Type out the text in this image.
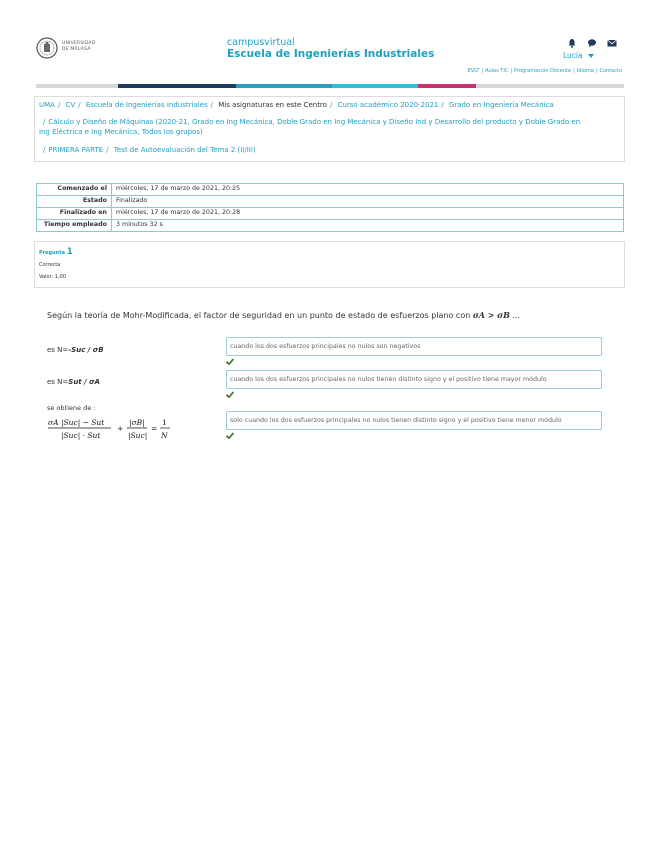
UNIVERSIDAD
DE MÁLAGA
campusvirtual
Escuela de Ingenierías Industriales	Lucía
EVLT | Aulas TIC | Programación Docente | Idioma | Contacto
UMA / CV / Escuela de Ingenierías Industriales / Mis asignaturas en este Centro / Curso académico 2020-2021 / Grado en Ingeniería Mecánica
/ Cálculo y Diseño de Máquinas (2020-21, Grado en Ing Mecánica, Doble Grado en Ing Mecánica y Diseño Ind y Desarrollo del producto y Doble Grado en
Ing Eléctrica e Ing Mecánica, Todos los grupos)
/ PRIMERA PARTE / Test de Autoevaluación del Tema 2 (II/III)
Comenzado el	miércoles, 17 de marzo de 2021, 20:25
Estado	Finalizado
Finalizado en	miércoles, 17 de marzo de 2021, 20:28
Tiempo empleado	3 minutos 32 s
Pregunta 1
Correcta
Valor: 1,00
Según la teoría de Mohr-Modificada, el factor de seguridad en un punto de estado de esfuerzos plano con σA > σB ...
es N=-Suc / σB	cuando los dos esfuerzos principales no nulos son negativos
es N=Sut / σA	cuando los dos esfuerzos principales no nulos tienen distinto signo y el positivo tiene mayor módulo
se obtiene de :
σA |Suc| − Sut
|Suc| · Sut
+
|σB|
|Suc|
=
1
N
solo cuando los dos esfuerzos principales no nulos tienen distinto signo y el positivo tiene menor módulo
